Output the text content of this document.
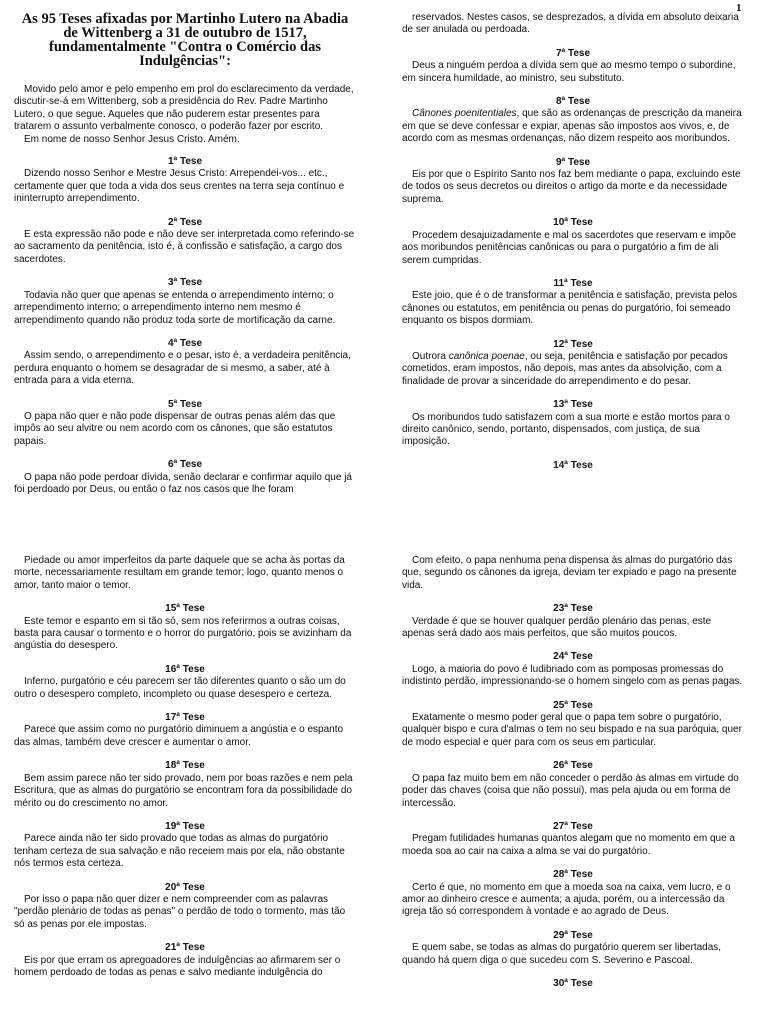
1
As 95 Teses afixadas por Martinho Lutero na Abadia de Wittenberg a 31 de outubro de 1517, fundamentalmente "Contra o Comércio das Indulgências":

Movido pelo amor e pelo empenho em prol do esclarecimento da verdade, discutir-se-á em Wittenberg, sob a presidência do Rev. Padre Martinho Lutero, o que segue. Aqueles que não puderem estar presentes para tratarem o assunto verbalmente conosco, o poderão fazer por escrito.

Em nome de nosso Senhor Jesus Cristo. Amém.

1ª Tese

Dizendo nosso Senhor e Mestre Jesus Cristo: Arrependei-vos... etc., certamente quer que toda a vida dos seus crentes na terra seja contínuo e ininterrupto arrependimento.

2ª Tese

E esta expressão não pode e não deve ser interpretada como referindo-se ao sacramento da penitência, isto é, à confissão e satisfação, a cargo dos sacerdotes.

3ª Tese

Todavia não quer que apenas se entenda o arrependimento interno; o arrependimento interno; o arrependimento interno nem mesmo é arrependimento quando não produz toda sorte de mortificação da carne.

4ª Tese

Assim sendo, o arrependimento e o pesar, isto é, a verdadeira penitência, perdura enquanto o homem se desagradar de si mesmo, a saber, até à entrada para a vida eterna.

5ª Tese

O papa não quer e não pode dispensar de outras penas além das que impôs ao seu alvitre ou nem acordo com os cânones, que são estatutos papais.

6ª Tese

O papa não pode perdoar dívida, senão declarar e confirmar aquilo que já foi perdoado por Deus, ou então o faz nos casos que lhe foram

reservados. Nestes casos, se desprezados, a dívida em absoluto deixaria de ser anulada ou perdoada.

7ª Tese

Deus a ninguém perdoa a dívida sem que ao mesmo tempo o subordine, em sincera humildade, ao ministro, seu substituto.

8ª Tese

Cânones poenitentiales, que são as ordenanças de prescrição da maneira em que se deve confessar e expiar, apenas são impostos aos vivos, e, de acordo com as mesmas ordenanças, não dizem respeito aos moribundos.

9ª Tese

Eis por que o Espírito Santo nos faz bem mediante o papa, excluindo este de todos os seus decretos ou direitos o artigo da morte e da necessidade suprema.

10ª Tese

Procedem desajuizadamente e mal os sacerdotes que reservam e impõe aos moribundos penitências canônicas ou para o purgatório a fim de ali serem cumpridas.

11ª Tese

Este joio, que é o de transformar a penitência e satisfação, prevista pelos cânones ou estatutos, em penitência ou penas do purgatório, foi semeado enquanto os bispos dormiam.

12ª Tese

Outrora canônica poenae, ou seja, penitência e satisfação por pecados cometidos, eram impostos, não depois, mas antes da absolvição, com a finalidade de provar a sinceridade do arrependimento e do pesar.

13ª Tese

Os moribundos tudo satisfazem com a sua morte e estão mortos para o direito canônico, sendo, portanto, dispensados, com justiça, de sua imposição.

14ª Tese

Piedade ou amor imperfeitos da parte daquele que se acha às portas da morte, necessariamente resultam em grande temor; logo, quanto menos o amor, tanto maior o temor.

15ª Tese

Este temor e espanto em si tão só, sem nos referirmos a outras coisas, basta para causar o tormento e o horror do purgatório, pois se avizinham da angústia do desespero.

16ª Tese

Inferno, purgatório e céu parecem ser tão diferentes quanto o são um do outro o desespero completo, incompleto ou quase desespero e certeza.

17ª Tese

Parece que assim como no purgatório diminuem a angústia e o espanto das almas, também deve crescer e aumentar o amor.

18ª Tese

Bem assim parece não ter sido provado, nem por boas razões e nem pela Escritura, que as almas do purgatório se encontram fora da possibilidade do mérito ou do crescimento no amor.

19ª Tese

Parece ainda não ter sido provado que todas as almas do purgatório tenham certeza de sua salvação e não receiem mais por ela, não obstante nós termos esta certeza.

20ª Tese

Por isso o papa não quer dizer e nem compreender com as palavras "perdão plenário de todas as penas" o perdão de todo o tormento, mas tão só as penas por ele impostas.

21ª Tese

Eis por que erram os apregoadores de indulgências ao afirmarem ser o homem perdoado de todas as penas e salvo mediante indulgência do

Com efeito, o papa nenhuma pena dispensa às almas do purgatório das que, segundo os cânones da igreja, deviam ter expiado e pago na presente vida.

23ª Tese

Verdade é que se houver qualquer perdão plenário das penas, este apenas será dado aos mais perfeitos, que são muitos poucos.

24ª Tese

Logo, a maioria do povo é ludibriado com as pomposas promessas do indistinto perdão, impressionando-se o homem singelo com as penas pagas.

25ª Tese

Exatamente o mesmo poder geral que o papa tem sobre o purgatório, qualquer bispo e cura d'almas o tem no seu bispado e na sua paróquia, quer de modo especial e quer para com os seus em particular.

26ª Tese

O papa faz muito bem em não conceder o perdão às almas em virtude do poder das chaves (coisa que não possui), mas pela ajuda ou em forma de intercessão.

27ª Tese

Pregam futilidades humanas quantos alegam que no momento em que a moeda soa ao cair na caixa a alma se vai do purgatório.

28ª Tese

Certo é que, no momento em que a moeda soa na caixa, vem lucro, e o amor ao dinheiro cresce e aumenta; a ajuda, porém, ou a intercessão da igreja tão só correspondem à vontade e ao agrado de Deus.

29ª Tese

E quem sabe, se todas as almas do purgatório querem ser libertadas, quando há quem diga o que sucedeu com S. Severino e Pascoal.

30ª Tese
